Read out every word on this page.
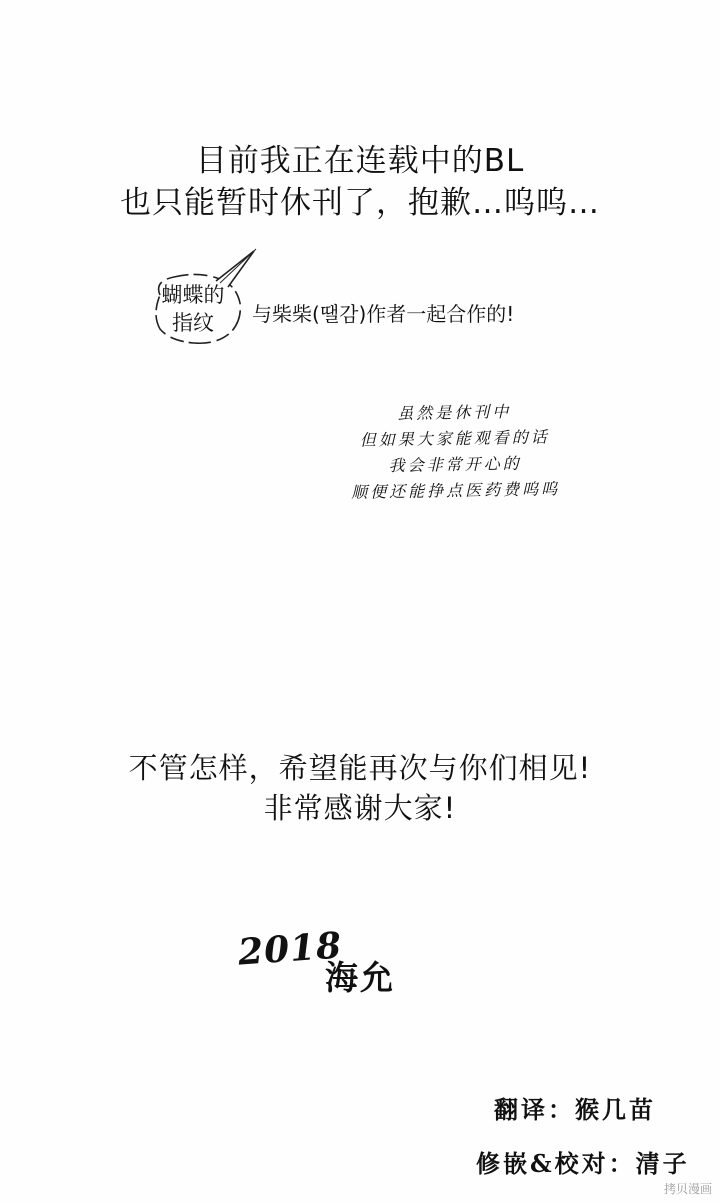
目前我正在连载中的BL
也只能暂时休刊了，抱歉…呜呜…
蝴蝶的
指纹	与柴柴(땔감)作者一起合作的!
虽然是休刊中
但如果大家能观看的话
我会非常开心的
顺便还能挣点医药费呜呜
不管怎样，希望能再次与你们相见!
非常感谢大家!
2018
海允
翻译：猴几苗
修嵌&校对：清子
拷贝漫画
